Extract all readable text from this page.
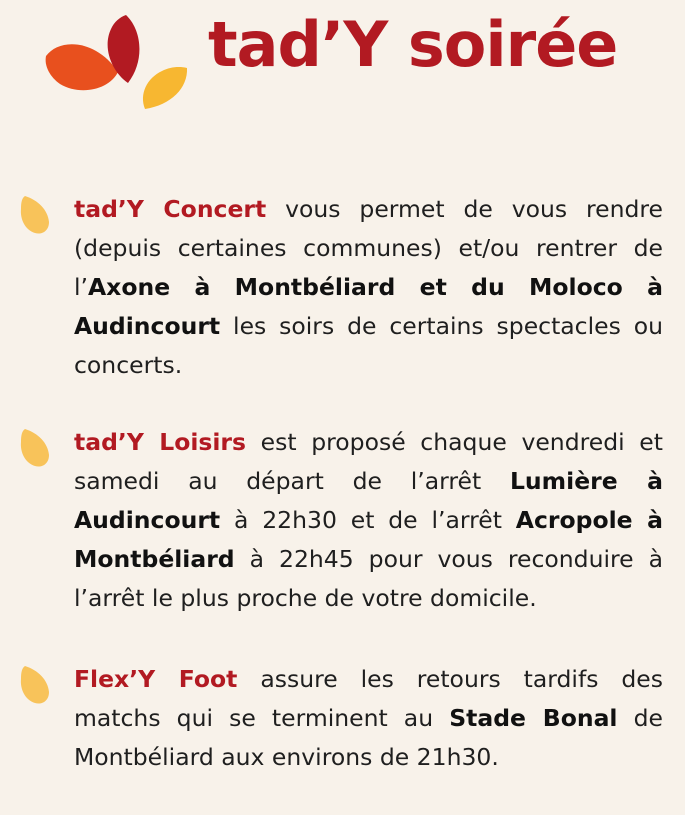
tad’Y soirée

tad’Y Concert vous permet de vous rendre (depuis certaines communes) et/ou rentrer de l’Axone à Montbéliard et du Moloco à Audincourt les soirs de certains spectacles ou concerts.

tad’Y Loisirs est proposé chaque vendredi et samedi au départ de l’arrêt Lumière à Audincourt à 22h30 et de l’arrêt Acropole à Montbéliard à 22h45 pour vous reconduire à l’arrêt le plus proche de votre domicile.

Flex’Y Foot assure les retours tardifs des matchs qui se terminent au Stade Bonal de Montbéliard aux environs de 21h30.
